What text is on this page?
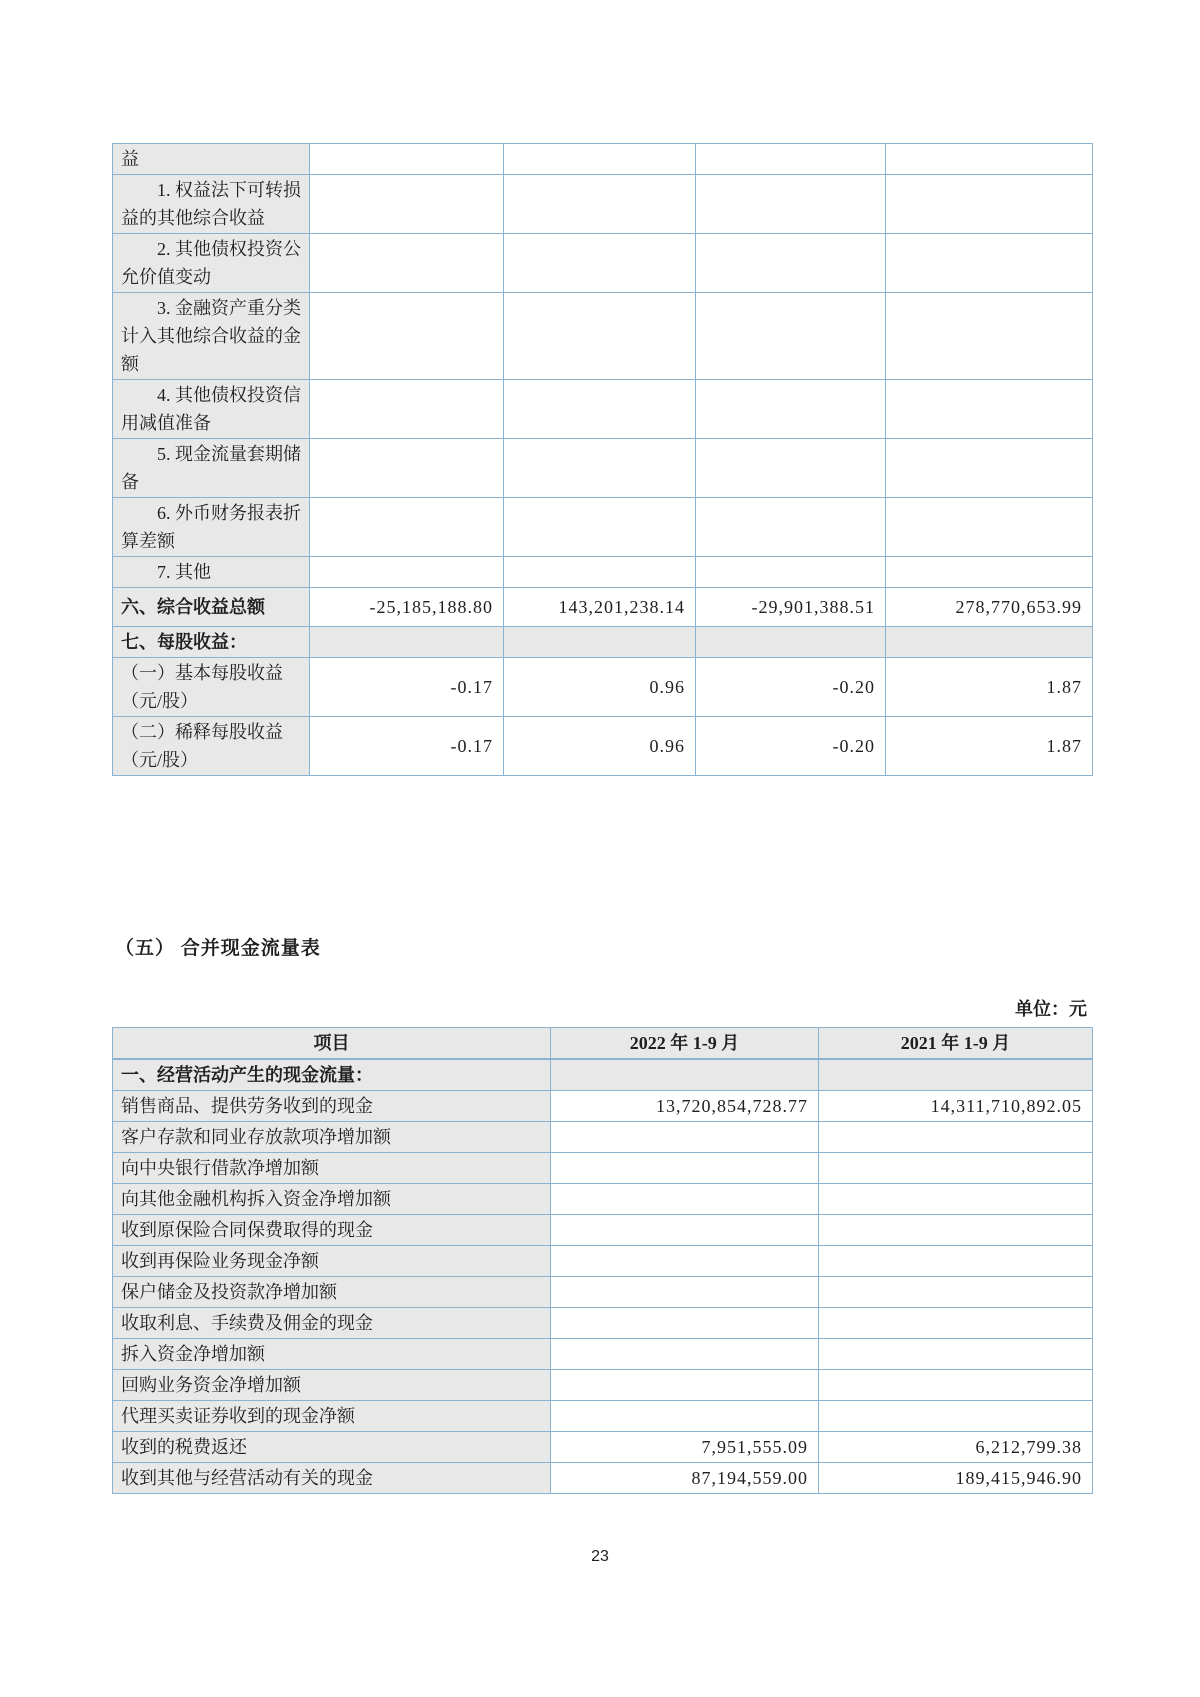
益				
1. 权益法下可转损益的其他综合收益				
2. 其他债权投资公允价值变动				
3. 金融资产重分类计入其他综合收益的金额				
4. 其他债权投资信用减值准备				
5. 现金流量套期储备				
6. 外币财务报表折算差额				
7. 其他				
六、综合收益总额	-25,185,188.80	143,201,238.14	-29,901,388.51	278,770,653.99
七、每股收益：				
（一）基本每股收益（元/股）	-0.17	0.96	-0.20	1.87
（二）稀释每股收益（元/股）	-0.17	0.96	-0.20	1.87
（五） 合并现金流量表
单位：元
项目	2022 年 1-9 月	2021 年 1-9 月
一、经营活动产生的现金流量：		
销售商品、提供劳务收到的现金	13,720,854,728.77	14,311,710,892.05
客户存款和同业存放款项净增加额		
向中央银行借款净增加额		
向其他金融机构拆入资金净增加额		
收到原保险合同保费取得的现金		
收到再保险业务现金净额		
保户储金及投资款净增加额		
收取利息、手续费及佣金的现金		
拆入资金净增加额		
回购业务资金净增加额		
代理买卖证券收到的现金净额		
收到的税费返还	7,951,555.09	6,212,799.38
收到其他与经营活动有关的现金	87,194,559.00	189,415,946.90
23
